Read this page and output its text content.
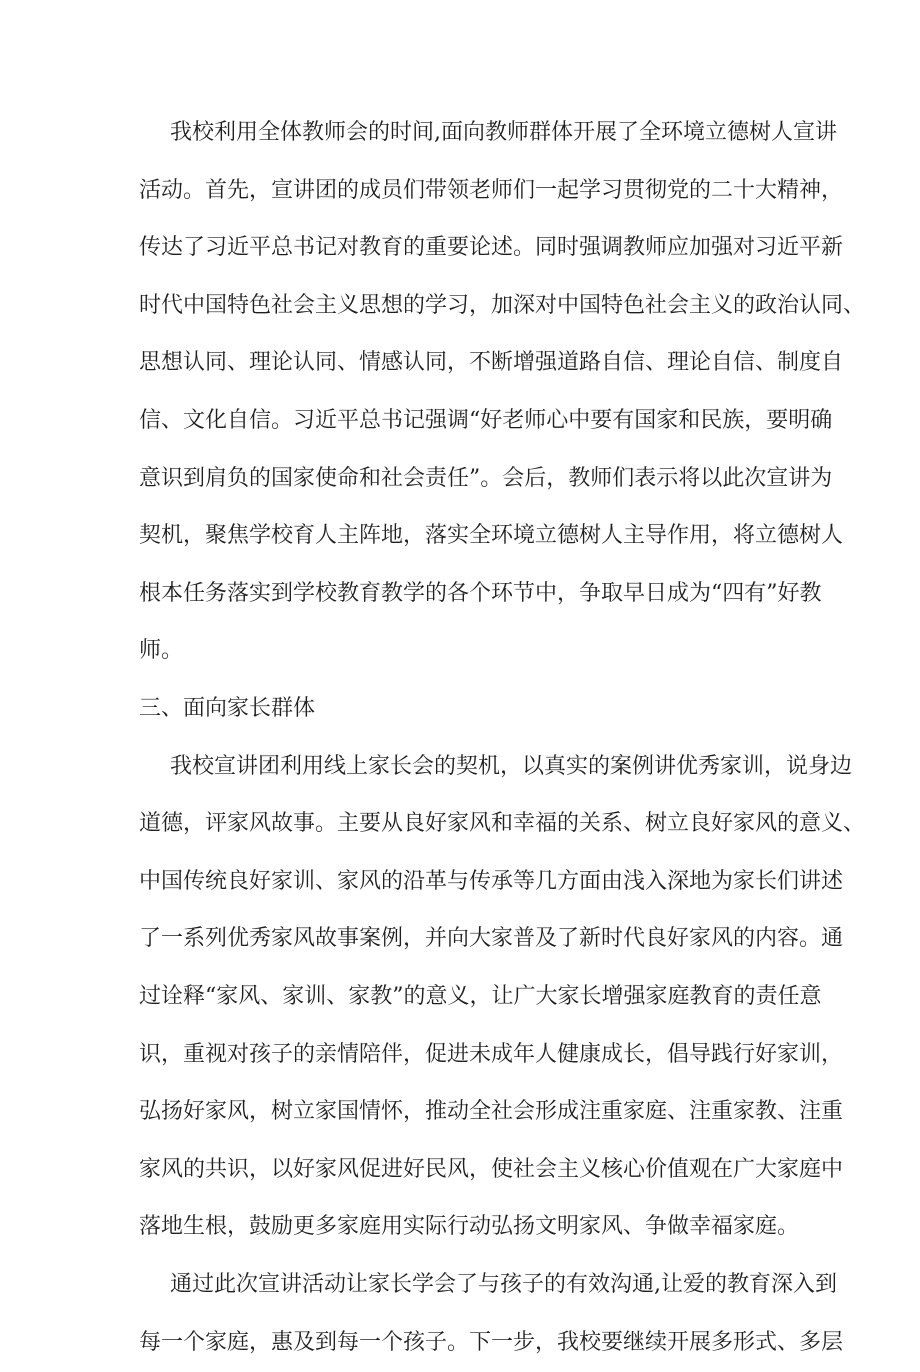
我校利用全体教师会的时间,面向教师群体开展了全环境立德树人宣讲
活动。首先，宣讲团的成员们带领老师们一起学习贯彻党的二十大精神，
传达了习近平总书记对教育的重要论述。同时强调教师应加强对习近平新
时代中国特色社会主义思想的学习，加深对中国特色社会主义的政治认同、
思想认同、理论认同、情感认同，不断增强道路自信、理论自信、制度自
信、文化自信。习近平总书记强调“好老师心中要有国家和民族，要明确
意识到肩负的国家使命和社会责任”。会后，教师们表示将以此次宣讲为
契机，聚焦学校育人主阵地，落实全环境立德树人主导作用，将立德树人
根本任务落实到学校教育教学的各个环节中，争取早日成为“四有”好教
师。
三、面向家长群体
我校宣讲团利用线上家长会的契机，以真实的案例讲优秀家训，说身边
道德，评家风故事。主要从良好家风和幸福的关系、树立良好家风的意义、
中国传统良好家训、家风的沿革与传承等几方面由浅入深地为家长们讲述
了一系列优秀家风故事案例，并向大家普及了新时代良好家风的内容。通
过诠释“家风、家训、家教”的意义，让广大家长增强家庭教育的责任意
识，重视对孩子的亲情陪伴，促进未成年人健康成长，倡导践行好家训，
弘扬好家风，树立家国情怀，推动全社会形成注重家庭、注重家教、注重
家风的共识，以好家风促进好民风，使社会主义核心价值观在广大家庭中
落地生根，鼓励更多家庭用实际行动弘扬文明家风、争做幸福家庭。
通过此次宣讲活动让家长学会了与孩子的有效沟通,让爱的教育深入到
每一个家庭，惠及到每一个孩子。下一步，我校要继续开展多形式、多层
